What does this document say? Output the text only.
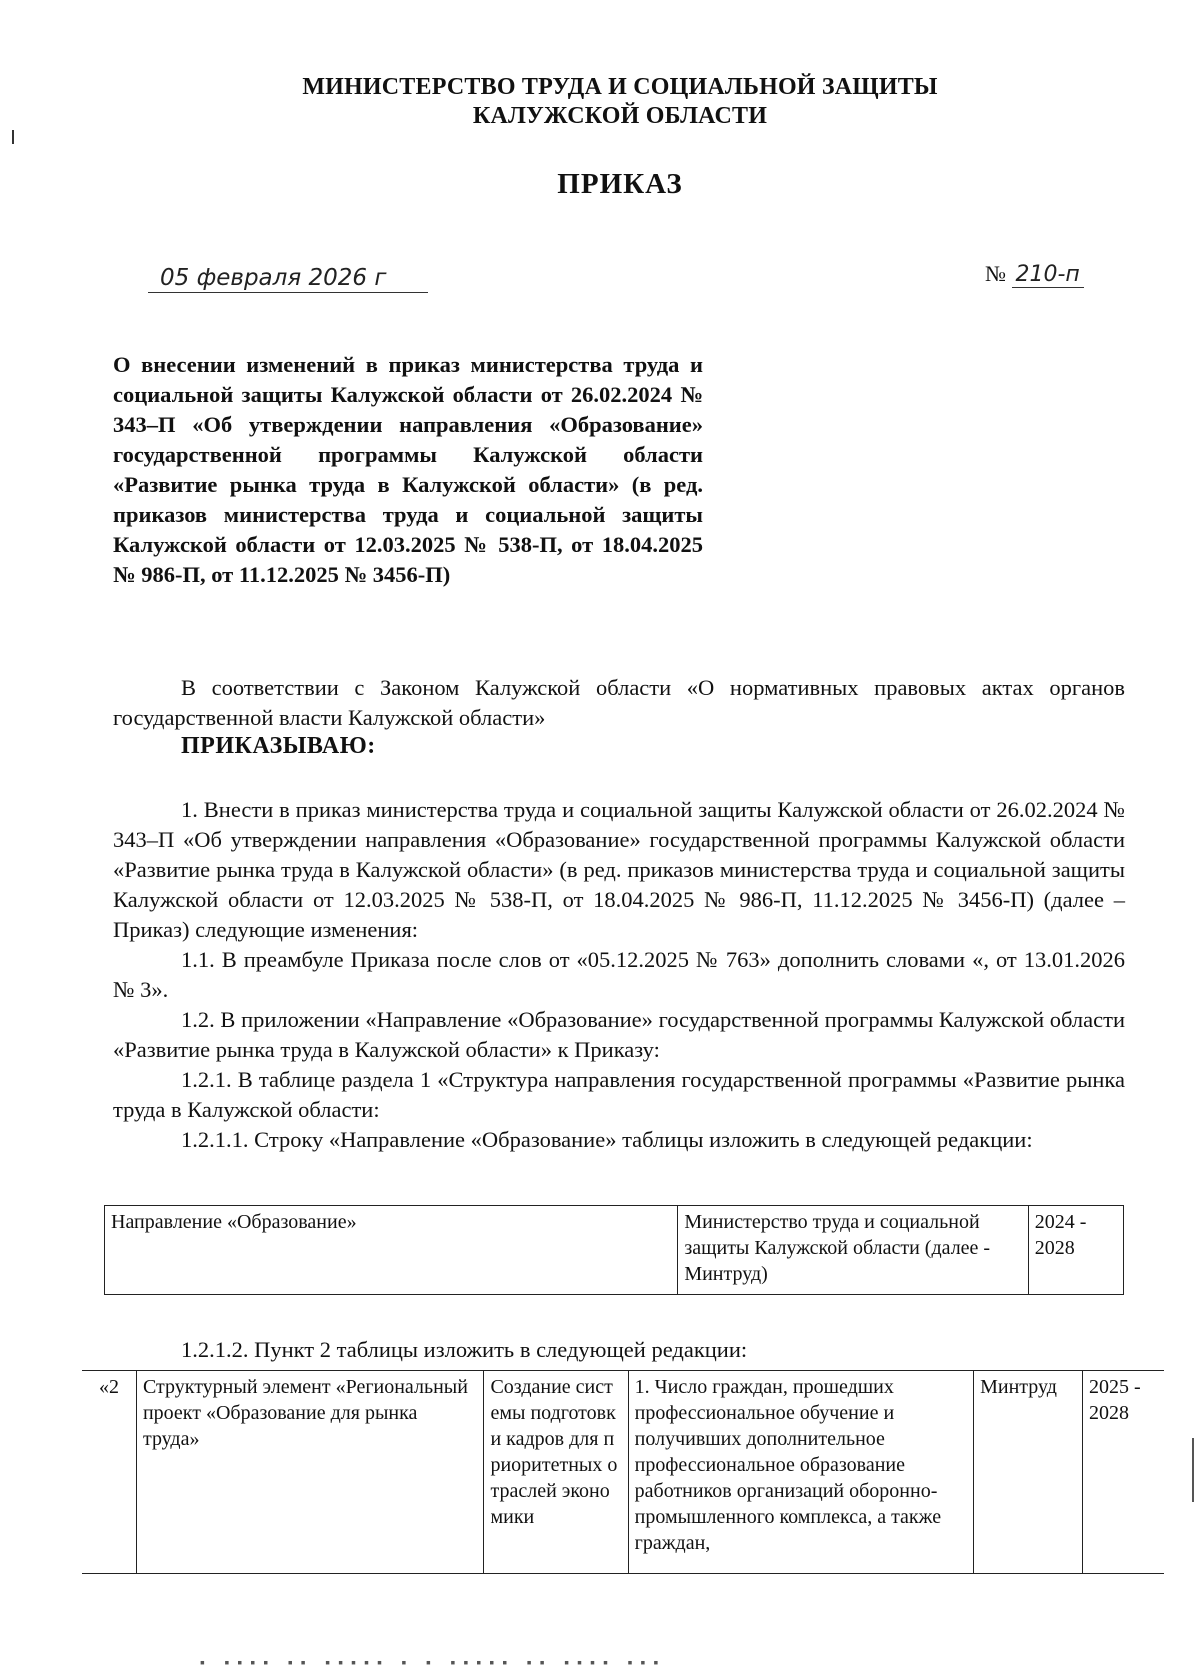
МИНИСТЕРСТВО ТРУДА И СОЦИАЛЬНОЙ ЗАЩИТЫ
КАЛУЖСКОЙ ОБЛАСТИ
ПРИКАЗ
05 февраля 2026 г	№ 210-п
О внесении изменений в приказ министерства труда и социальной защиты Калужской области от 26.02.2024 № 343–П «Об утверждении направления «Образование» государственной программы Калужской области «Развитие рынка труда в Калужской области» (в ред. приказов министерства труда и социальной защиты Калужской области от 12.03.2025 № 538-П, от 18.04.2025 № 986-П, от 11.12.2025 № 3456-П)
В соответствии с Законом Калужской области «О нормативных правовых актах органов государственной власти Калужской области»
ПРИКАЗЫВАЮ:

1. Внести в приказ министерства труда и социальной защиты Калужской области от 26.02.2024 № 343–П «Об утверждении направления «Образование» государственной программы Калужской области «Развитие рынка труда в Калужской области» (в ред. приказов министерства труда и социальной защиты Калужской области от 12.03.2025 № 538-П, от 18.04.2025 № 986-П, 11.12.2025 № 3456-П) (далее – Приказ) следующие изменения:

1.1. В преамбуле Приказа после слов от «05.12.2025 № 763» дополнить словами «, от 13.01.2026 № 3».

1.2. В приложении «Направление «Образование» государственной программы Калужской области «Развитие рынка труда в Калужской области» к Приказу:

1.2.1. В таблице раздела 1 «Структура направления государственной программы «Развитие рынка труда в Калужской области:

1.2.1.1. Строку «Направление «Образование» таблицы изложить в следующей редакции:

Направление «Образование»	Министерство труда и социальной защиты Калужской области (далее - Минтруд)	2024 - 2028
1.2.1.2. Пункт 2 таблицы изложить в следующей редакции:
«2	Структурный элемент «Региональный проект «Образование для рынка труда»	Создание системы подготовки кадров для приоритетных отраслей экономики	1. Число граждан, прошедших профессиональное обучение и получивших дополнительное профессиональное образование работников организаций оборонно-промышленного комплекса, а также граждан,	Минтруд	2025 - 2028
▪ ▪▪▪▪ ▪▪ ▪▪▪▪▪ ▪ ▪ ▪▪▪▪▪ ▪▪ ▪▪▪▪ ▪▪▪
